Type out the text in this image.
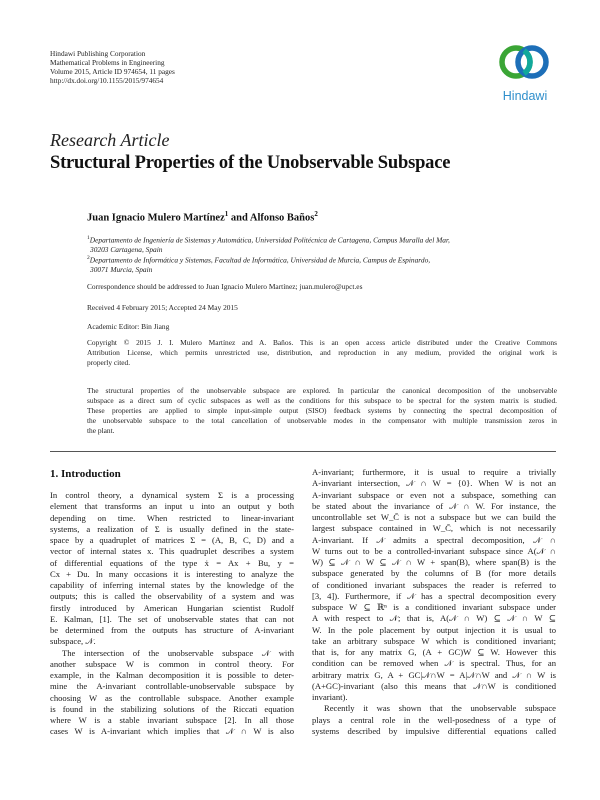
Hindawi Publishing Corporation
Mathematical Problems in Engineering
Volume 2015, Article ID 974654, 11 pages
http://dx.doi.org/10.1155/2015/974654
Hindawi
Research Article
Structural Properties of the Unobservable Subspace
Juan Ignacio Mulero Martínez$^1$ and Alfonso Baños$^2$
$^1$Departamento de Ingeniería de Sistemas y Automática, Universidad Politécnica de Cartagena, Campus Muralla del Mar,
30203 Cartagena, Spain
$^2$Departamento de Informática y Sistemas, Facultad de Informática, Universidad de Murcia, Campus de Espinardo,
30071 Murcia, Spain
Correspondence should be addressed to Juan Ignacio Mulero Martínez; juan.mulero@upct.es
Received 4 February 2015; Accepted 24 May 2015
Academic Editor: Bin Jiang
Copyright © 2015 J. I. Mulero Martínez and A. Baños. This is an open access article distributed under the Creative Commons
Attribution License, which permits unrestricted use, distribution, and reproduction in any medium, provided the original work is
properly cited.
The structural properties of the unobservable subspace are explored. In particular the canonical decomposition of the unobservable
subspace as a direct sum of cyclic subspaces as well as the conditions for this subspace to be spectral for the system matrix is studied.
These properties are applied to simple input-simple output (SISO) feedback systems by connecting the spectral decomposition of
the unobservable subspace to the total cancellation of unobservable modes in the compensator with multiple transmission zeros in
the plant.
1. Introduction
In control theory, a dynamical system Σ is a processing
element that transforms an input u into an output y both
depending on time. When restricted to linear-invariant
systems, a realization of Σ is usually defined in the state-
space by a quadruplet of matrices Σ = (A, B, C, D) and a
vector of internal states x. This quadruplet describes a system
of differential equations of the type ẋ = Ax + Bu, y =
Cx + Du. In many occasions it is interesting to analyze the
capability of inferring internal states by the knowledge of the
outputs; this is called the observability of a system and was
firstly introduced by American Hungarian scientist Rudolf
E. Kalman, [1]. The set of unobservable states that can not
be determined from the outputs has structure of A-invariant
subspace, 𝒩.
The intersection of the unobservable subspace 𝒩 with
another subspace W is common in control theory. For
example, in the Kalman decomposition it is possible to deter-
mine the A-invariant controllable-unobservable subspace by
choosing W as the controllable subspace. Another example
is found in the stabilizing solutions of the Riccati equation
where W is a stable invariant subspace [2]. In all those
cases W is A-invariant which implies that 𝒩 ∩ W is also
A-invariant; furthermore, it is usual to require a trivially
A-invariant intersection, 𝒩 ∩ W = {0}. When W is not an
A-invariant subspace or even not a subspace, something can
be stated about the invariance of 𝒩 ∩ W. For instance, the
uncontrollable set W_C̄ is not a subspace but we can build the
largest subspace contained in W_C̄, which is not necessarily
A-invariant. If 𝒩 admits a spectral decomposition, 𝒩 ∩
W turns out to be a controlled-invariant subspace since A(𝒩 ∩
W) ⊆ 𝒩 ∩ W ⊆ 𝒩 ∩ W + span(B), where span(B) is the
subspace generated by the columns of B (for more details
of conditioned invariant subspaces the reader is referred to
[3, 4]). Furthermore, if 𝒩 has a spectral decomposition every
subspace W ⊆ ℝⁿ is a conditioned invariant subspace under
A with respect to 𝒩; that is, A(𝒩 ∩ W) ⊆ 𝒩 ∩ W ⊆
W. In the pole placement by output injection it is usual to
take an arbitrary subspace W which is conditioned invariant;
that is, for any matrix G, (A + GC)W ⊆ W. However this
condition can be removed when 𝒩 is spectral. Thus, for an
arbitrary matrix G, A + GC|𝒩∩W = A|𝒩∩W and 𝒩 ∩ W is
(A+GC)-invariant (also this means that 𝒩∩W is conditioned
invariant).
Recently it was shown that the unobservable subspace
plays a central role in the well-posedness of a type of
systems described by impulsive differential equations called
